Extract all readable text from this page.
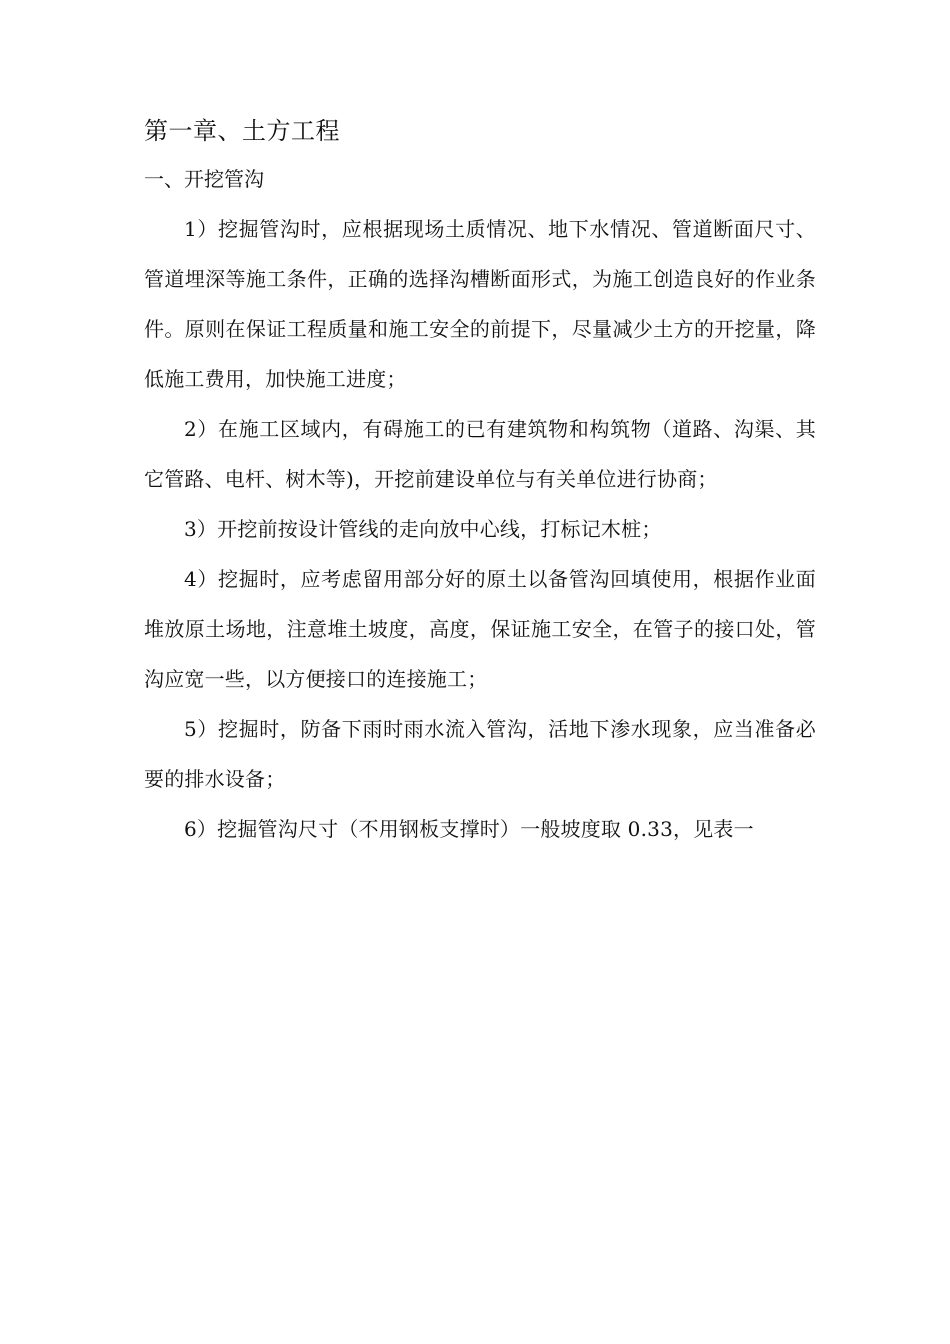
第一章、土方工程
一、开挖管沟

1）挖掘管沟时，应根据现场土质情况、地下水情况、管道断面尺寸、管道埋深等施工条件，正确的选择沟槽断面形式，为施工创造良好的作业条件。原则在保证工程质量和施工安全的前提下，尽量减少土方的开挖量，降低施工费用，加快施工进度；

2）在施工区域内，有碍施工的已有建筑物和构筑物（道路、沟渠、其它管路、电杆、树木等)，开挖前建设单位与有关单位进行协商；

3）开挖前按设计管线的走向放中心线，打标记木桩；

4）挖掘时，应考虑留用部分好的原土以备管沟回填使用，根据作业面堆放原土场地，注意堆土坡度，高度，保证施工安全，在管子的接口处，管沟应宽一些，以方便接口的连接施工；

5）挖掘时，防备下雨时雨水流入管沟，活地下渗水现象，应当准备必要的排水设备；

6）挖掘管沟尺寸（不用钢板支撑时）一般坡度取 0.33，见表一
